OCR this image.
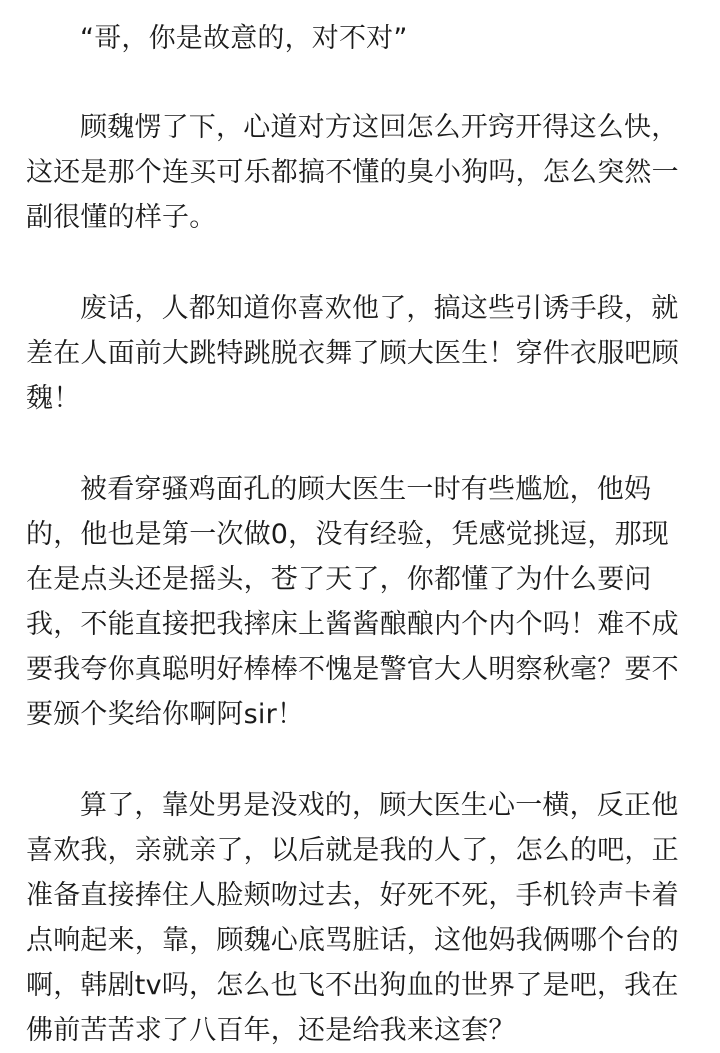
“哥，你是故意的，对不对”

顾魏愣了下，心道对方这回怎么开窍开得这么快，这还是那个连买可乐都搞不懂的臭小狗吗，怎么突然一副很懂的样子。

废话，人都知道你喜欢他了，搞这些引诱手段，就差在人面前大跳特跳脱衣舞了顾大医生！穿件衣服吧顾魏！

被看穿骚鸡面孔的顾大医生一时有些尴尬，他妈的，他也是第一次做0，没有经验，凭感觉挑逗，那现在是点头还是摇头，苍了天了，你都懂了为什么要问我，不能直接把我摔床上酱酱酿酿内个内个吗！难不成要我夸你真聪明好棒棒不愧是警官大人明察秋毫？要不要颁个奖给你啊阿sir！

算了，靠处男是没戏的，顾大医生心一横，反正他喜欢我，亲就亲了，以后就是我的人了，怎么的吧，正准备直接捧住人脸颊吻过去，好死不死，手机铃声卡着点响起来，靠，顾魏心底骂脏话，这他妈我俩哪个台的啊，韩剧tv吗，怎么也飞不出狗血的世界了是吧，我在佛前苦苦求了八百年，还是给我来这套？
